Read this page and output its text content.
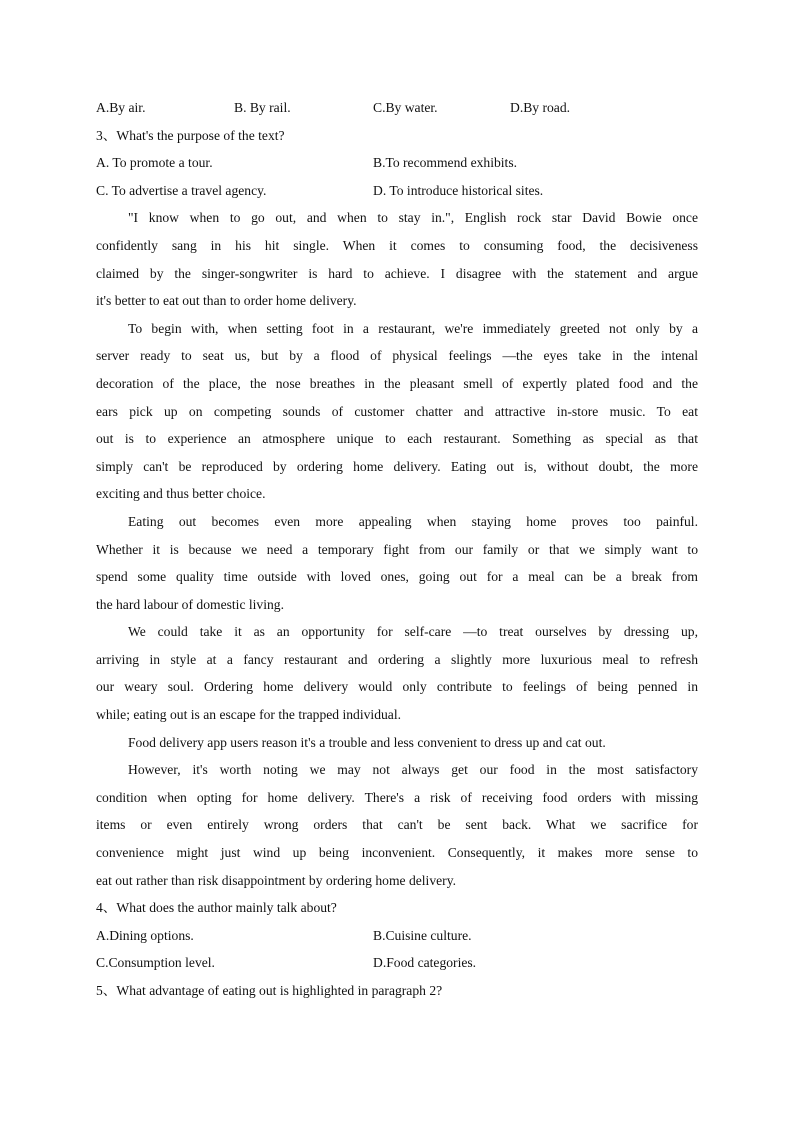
A.By air.	B. By rail.	C.By water.	D.By road.
3、What's the purpose of the text?
A. To promote a tour.	B.To recommend exhibits.
C. To advertise a travel agency.	D. To introduce historical sites.
"I know when to go out, and when to stay in.", English rock star David Bowie once
confidently sang in his hit single. When it comes to consuming food, the decisiveness
claimed by the singer-songwriter is hard to achieve. I disagree with the statement and argue
it's better to eat out than to order home delivery.
To begin with, when setting foot in a restaurant, we're immediately greeted not only by a
server ready to seat us, but by a flood of physical feelings —the eyes take in the intenal
decoration of the place, the nose breathes in the pleasant smell of expertly plated food and the
ears pick up on competing sounds of customer chatter and attractive in-store music. To eat
out is to experience an atmosphere unique to each restaurant. Something as special as that
simply can't be reproduced by ordering home delivery. Eating out is, without doubt, the more
exciting and thus better choice.
Eating out becomes even more appealing when staying home proves too painful.
Whether it is because we need a temporary fight from our family or that we simply want to
spend some quality time outside with loved ones, going out for a meal can be a break from
the hard labour of domestic living.
We could take it as an opportunity for self-care —to treat ourselves by dressing up,
arriving in style at a fancy restaurant and ordering a slightly more luxurious meal to refresh
our weary soul. Ordering home delivery would only contribute to feelings of being penned in
while; eating out is an escape for the trapped individual.
Food delivery app users reason it's a trouble and less convenient to dress up and cat out.
However, it's worth noting we may not always get our food in the most satisfactory
condition when opting for home delivery. There's a risk of receiving food orders with missing
items or even entirely wrong orders that can't be sent back. What we sacrifice for
convenience might just wind up being inconvenient. Consequently, it makes more sense to
eat out rather than risk disappointment by ordering home delivery.
4、What does the author mainly talk about?
A.Dining options.	B.Cuisine culture.
C.Consumption level.	D.Food categories.
5、What advantage of eating out is highlighted in paragraph 2?
